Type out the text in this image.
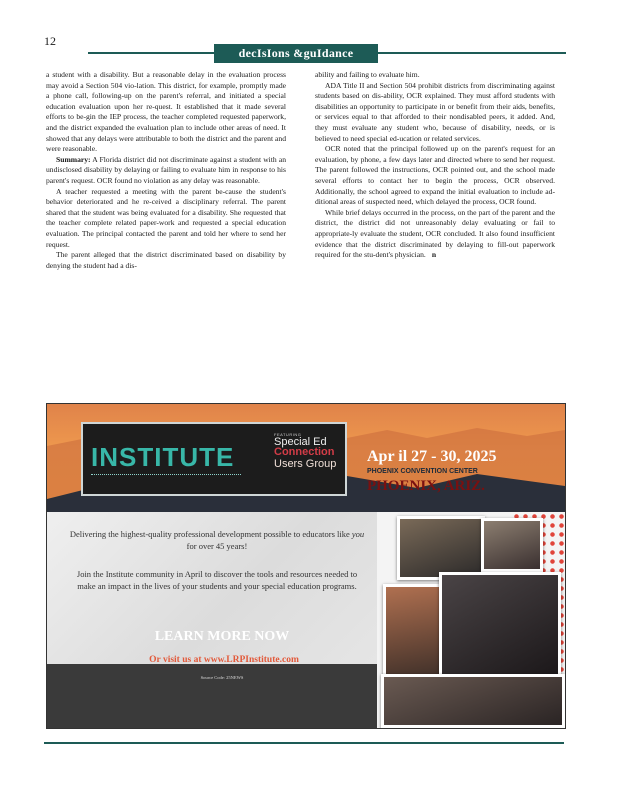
12
decIsIons &guIdance

a student with a disability. But a reasonable delay in the evaluation process may avoid a Section 504 vio-lation. This district, for example, promptly made a phone call, following-up on the parent's referral, and initiated a special education evaluation upon her re-quest. It established that it made several efforts to be-gin the IEP process, the teacher completed requested paperwork, and the district expanded the evaluation plan to include other areas of need. It showed that any delays were attributable to both the district and the parent and were reasonable.

Summary: A Florida district did not discriminate against a student with an undisclosed disability by delaying or failing to evaluate him in response to his parent's request. OCR found no violation as any delay was reasonable.

A teacher requested a meeting with the parent be-cause the student's behavior deteriorated and he re-ceived a disciplinary referral. The parent shared that the student was being evaluated for a disability. She requested that the teacher complete related paper-work and requested a special education evaluation. The principal contacted the parent and told her where to send her request.

The parent alleged that the district discriminated based on disability by denying the student had a dis-

ability and failing to evaluate him.

ADA Title II and Section 504 prohibit districts from discriminating against students based on dis-ability, OCR explained. They must afford students with disabilities an opportunity to participate in or benefit from their aids, benefits, or services equal to that afforded to their nondisabled peers, it added. And, they must evaluate any student who, because of disability, needs, or is believed to need special ed-ucation or related services.

OCR noted that the principal followed up on the parent's request for an evaluation, by phone, a few days later and directed where to send her request. The parent followed the instructions, OCR pointed out, and the school made several efforts to contact her to begin the process, OCR observed. Additionally, the school agreed to expand the initial evaluation to include ad-ditional areas of suspected need, which delayed the process, OCR found.

While brief delays occurred in the process, on the part of the parent and the district, the district did not unreasonably delay evaluating or fail to appropriate-ly evaluate the student, OCR concluded. It also found insufficient evidence that the district discriminated by delaying to fill-out paperwork required for the stu-dent's physician. n

INSTITUTE
FEATURING
Special Ed
Connection
Users Group	Apr il 27 - 30, 2025
PHOENIX CONVENTION CENTER
PHOENIX, ARIZ.
Delivering the highest-quality professional development possible to educators like you for over 45 years!
Join the Institute community in April to discover the tools and resources needed to make an impact in the lives of your students and your special education programs.
LEARN MORE NOW
Or visit us at www.LRPInstitute.com
Source Code: 25NEWS
